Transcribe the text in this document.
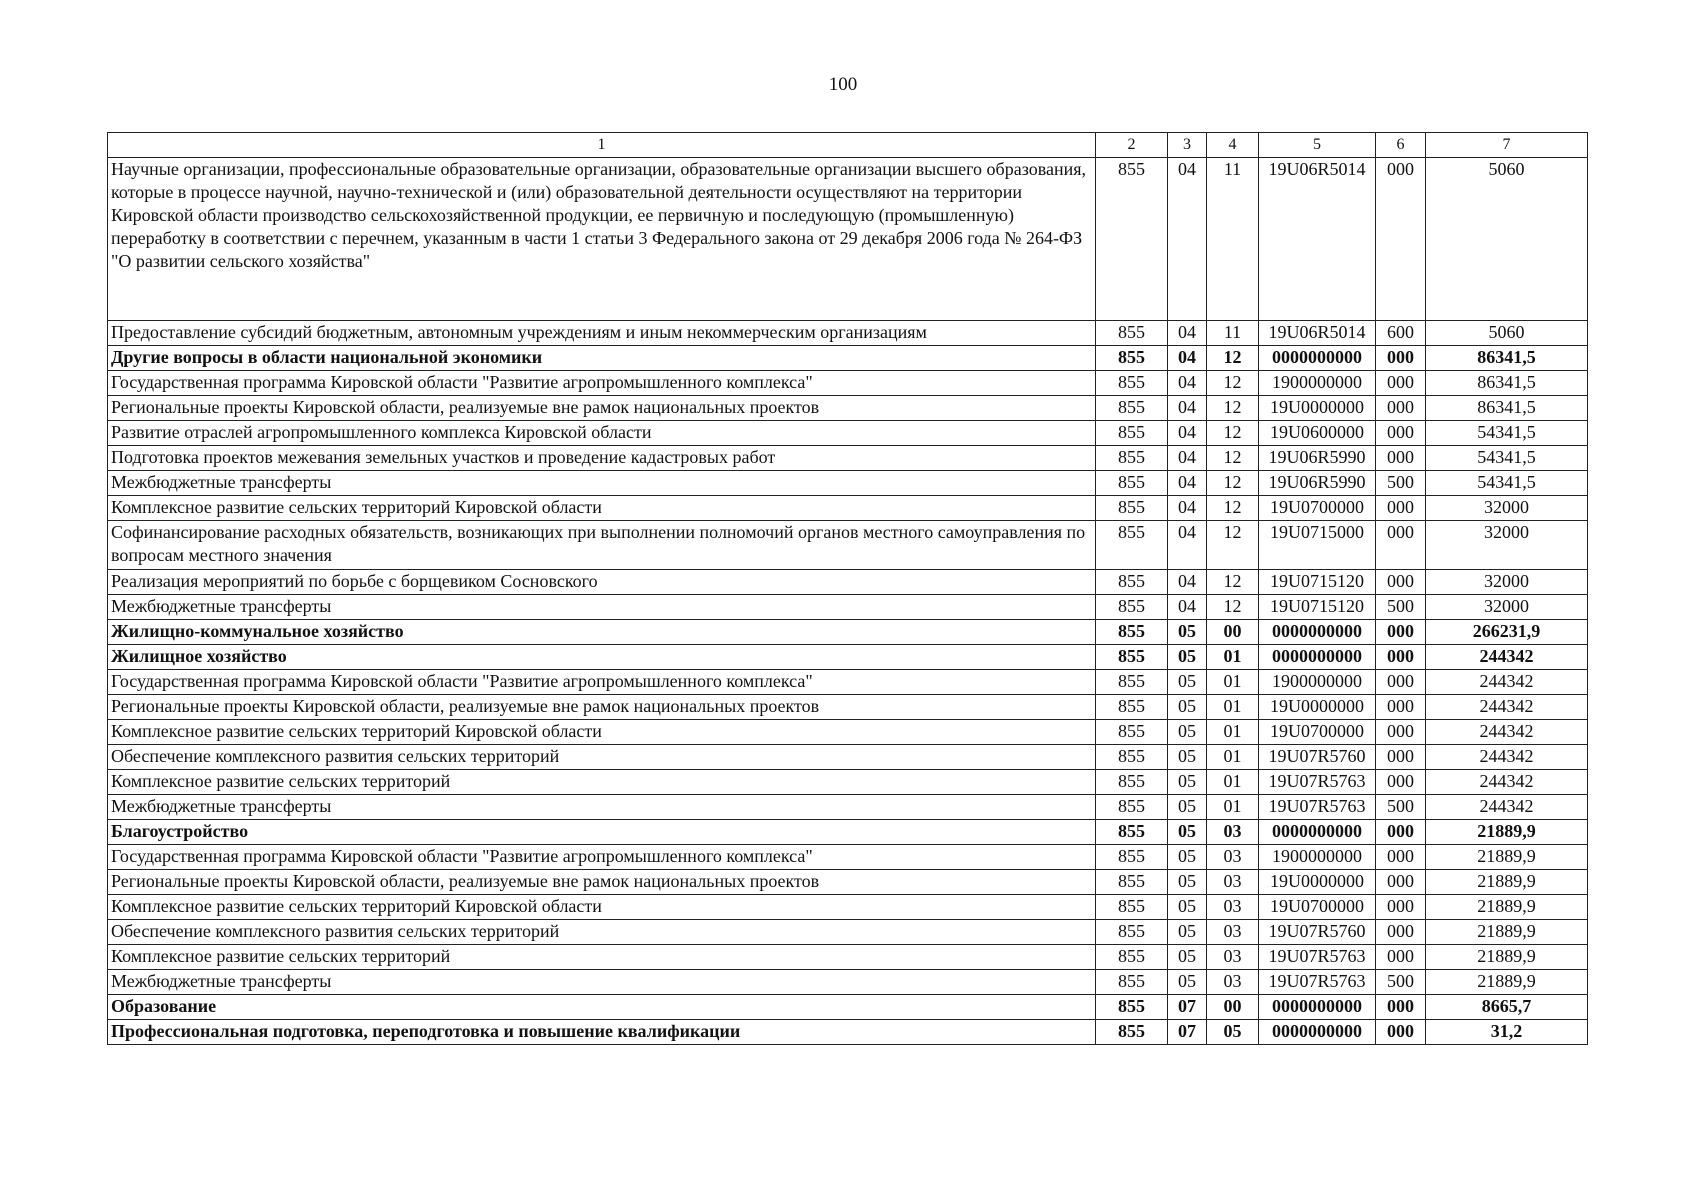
100
1	2	3	4	5	6	7
Научные организации, профессиональные образовательные организации, образовательные организации высшего образования, которые в процессе научной, научно-технической и (или) образовательной деятельности осуществляют на территории Кировской области производство сельскохозяйственной продукции, ее первичную и последующую (промышленную) переработку в соответствии с перечнем, указанным в части 1 статьи 3 Федерального закона от 29 декабря 2006 года № 264-ФЗ "О развитии сельского хозяйства"	855	04	11	19U06R5014	000	5060
Предоставление субсидий бюджетным, автономным учреждениям и иным некоммерческим организациям	855	04	11	19U06R5014	600	5060
Другие вопросы в области национальной экономики	855	04	12	0000000000	000	86341,5
Государственная программа Кировской области "Развитие агропромышленного комплекса"	855	04	12	1900000000	000	86341,5
Региональные проекты Кировской области, реализуемые вне рамок национальных проектов	855	04	12	19U0000000	000	86341,5
Развитие отраслей агропромышленного комплекса Кировской области	855	04	12	19U0600000	000	54341,5
Подготовка проектов межевания земельных участков и проведение кадастровых работ	855	04	12	19U06R5990	000	54341,5
Межбюджетные трансферты	855	04	12	19U06R5990	500	54341,5
Комплексное развитие сельских территорий Кировской области	855	04	12	19U0700000	000	32000
Софинансирование расходных обязательств, возникающих при выполнении полномочий органов местного самоуправления по вопросам местного значения	855	04	12	19U0715000	000	32000
Реализация мероприятий по борьбе с борщевиком Сосновского	855	04	12	19U0715120	000	32000
Межбюджетные трансферты	855	04	12	19U0715120	500	32000
Жилищно-коммунальное хозяйство	855	05	00	0000000000	000	266231,9
Жилищное хозяйство	855	05	01	0000000000	000	244342
Государственная программа Кировской области "Развитие агропромышленного комплекса"	855	05	01	1900000000	000	244342
Региональные проекты Кировской области, реализуемые вне рамок национальных проектов	855	05	01	19U0000000	000	244342
Комплексное развитие сельских территорий Кировской области	855	05	01	19U0700000	000	244342
Обеспечение комплексного развития сельских территорий	855	05	01	19U07R5760	000	244342
Комплексное развитие сельских территорий	855	05	01	19U07R5763	000	244342
Межбюджетные трансферты	855	05	01	19U07R5763	500	244342
Благоустройство	855	05	03	0000000000	000	21889,9
Государственная программа Кировской области "Развитие агропромышленного комплекса"	855	05	03	1900000000	000	21889,9
Региональные проекты Кировской области, реализуемые вне рамок национальных проектов	855	05	03	19U0000000	000	21889,9
Комплексное развитие сельских территорий Кировской области	855	05	03	19U0700000	000	21889,9
Обеспечение комплексного развития сельских территорий	855	05	03	19U07R5760	000	21889,9
Комплексное развитие сельских территорий	855	05	03	19U07R5763	000	21889,9
Межбюджетные трансферты	855	05	03	19U07R5763	500	21889,9
Образование	855	07	00	0000000000	000	8665,7
Профессиональная подготовка, переподготовка и повышение квалификации	855	07	05	0000000000	000	31,2
